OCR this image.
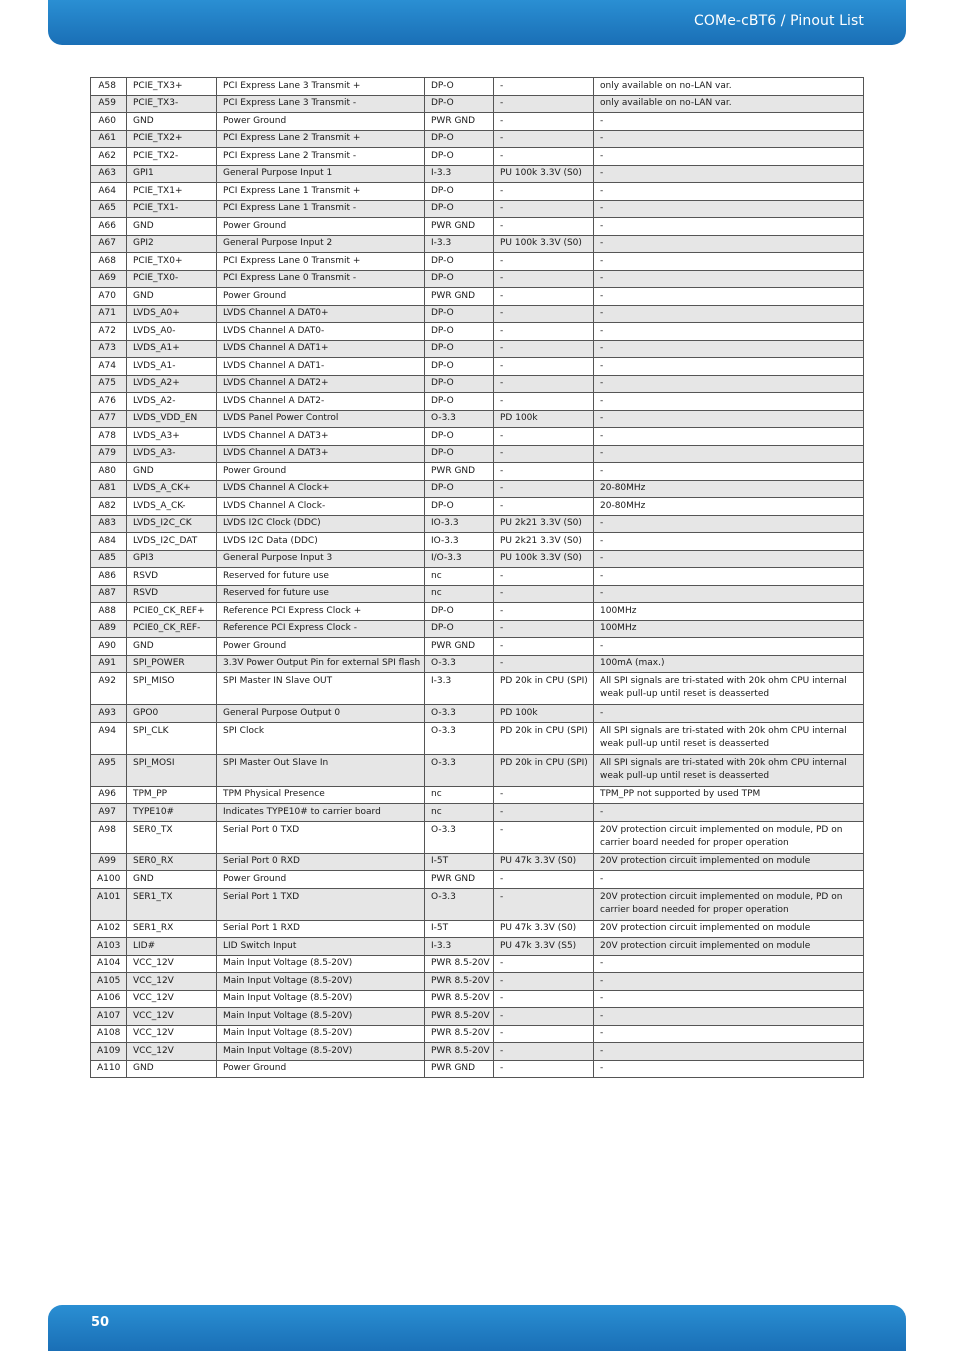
COMe-cBT6 / Pinout List
A58	PCIE_TX3+	PCI Express Lane 3 Transmit +	DP-O	-	only available on no-LAN var.
A59	PCIE_TX3-	PCI Express Lane 3 Transmit -	DP-O	-	only available on no-LAN var.
A60	GND	Power Ground	PWR GND	-	-
A61	PCIE_TX2+	PCI Express Lane 2 Transmit +	DP-O	-	-
A62	PCIE_TX2-	PCI Express Lane 2 Transmit -	DP-O	-	-
A63	GPI1	General Purpose Input 1	I-3.3	PU 100k 3.3V (S0)	-
A64	PCIE_TX1+	PCI Express Lane 1 Transmit +	DP-O	-	-
A65	PCIE_TX1-	PCI Express Lane 1 Transmit -	DP-O	-	-
A66	GND	Power Ground	PWR GND	-	-
A67	GPI2	General Purpose Input 2	I-3.3	PU 100k 3.3V (S0)	-
A68	PCIE_TX0+	PCI Express Lane 0 Transmit +	DP-O	-	-
A69	PCIE_TX0-	PCI Express Lane 0 Transmit -	DP-O	-	-
A70	GND	Power Ground	PWR GND	-	-
A71	LVDS_A0+	LVDS Channel A DAT0+	DP-O	-	-
A72	LVDS_A0-	LVDS Channel A DAT0-	DP-O	-	-
A73	LVDS_A1+	LVDS Channel A DAT1+	DP-O	-	-
A74	LVDS_A1-	LVDS Channel A DAT1-	DP-O	-	-
A75	LVDS_A2+	LVDS Channel A DAT2+	DP-O	-	-
A76	LVDS_A2-	LVDS Channel A DAT2-	DP-O	-	-
A77	LVDS_VDD_EN	LVDS Panel Power Control	O-3.3	PD 100k	-
A78	LVDS_A3+	LVDS Channel A DAT3+	DP-O	-	-
A79	LVDS_A3-	LVDS Channel A DAT3+	DP-O	-	-
A80	GND	Power Ground	PWR GND	-	-
A81	LVDS_A_CK+	LVDS Channel A Clock+	DP-O	-	20-80MHz
A82	LVDS_A_CK-	LVDS Channel A Clock-	DP-O	-	20-80MHz
A83	LVDS_I2C_CK	LVDS I2C Clock (DDC)	IO-3.3	PU 2k21 3.3V (S0)	-
A84	LVDS_I2C_DAT	LVDS I2C Data (DDC)	IO-3.3	PU 2k21 3.3V (S0)	-
A85	GPI3	General Purpose Input 3	I/O-3.3	PU 100k 3.3V (S0)	-
A86	RSVD	Reserved for future use	nc	-	-
A87	RSVD	Reserved for future use	nc	-	-
A88	PCIE0_CK_REF+	Reference PCI Express Clock +	DP-O	-	100MHz
A89	PCIE0_CK_REF-	Reference PCI Express Clock -	DP-O	-	100MHz
A90	GND	Power Ground	PWR GND	-	-
A91	SPI_POWER	3.3V Power Output Pin for external SPI flash	O-3.3	-	100mA (max.)
A92	SPI_MISO	SPI Master IN Slave OUT	I-3.3	PD 20k in CPU (SPI)	All SPI signals are tri-stated with 20k ohm CPU internal weak pull-up until reset is deasserted
A93	GPO0	General Purpose Output 0	O-3.3	PD 100k	-
A94	SPI_CLK	SPI Clock	O-3.3	PD 20k in CPU (SPI)	All SPI signals are tri-stated with 20k ohm CPU internal weak pull-up until reset is deasserted
A95	SPI_MOSI	SPI Master Out Slave In	O-3.3	PD 20k in CPU (SPI)	All SPI signals are tri-stated with 20k ohm CPU internal weak pull-up until reset is deasserted
A96	TPM_PP	TPM Physical Presence	nc	-	TPM_PP not supported by used TPM
A97	TYPE10#	Indicates TYPE10# to carrier board	nc	-	-
A98	SER0_TX	Serial Port 0 TXD	O-3.3	-	20V protection circuit implemented on module, PD on carrier board needed for proper operation
A99	SER0_RX	Serial Port 0 RXD	I-5T	PU 47k 3.3V (S0)	20V protection circuit implemented on module
A100	GND	Power Ground	PWR GND	-	-
A101	SER1_TX	Serial Port 1 TXD	O-3.3	-	20V protection circuit implemented on module, PD on carrier board needed for proper operation
A102	SER1_RX	Serial Port 1 RXD	I-5T	PU 47k 3.3V (S0)	20V protection circuit implemented on module
A103	LID#	LID Switch Input	I-3.3	PU 47k 3.3V (S5)	20V protection circuit implemented on module
A104	VCC_12V	Main Input Voltage (8.5-20V)	PWR 8.5-20V	-	-
A105	VCC_12V	Main Input Voltage (8.5-20V)	PWR 8.5-20V	-	-
A106	VCC_12V	Main Input Voltage (8.5-20V)	PWR 8.5-20V	-	-
A107	VCC_12V	Main Input Voltage (8.5-20V)	PWR 8.5-20V	-	-
A108	VCC_12V	Main Input Voltage (8.5-20V)	PWR 8.5-20V	-	-
A109	VCC_12V	Main Input Voltage (8.5-20V)	PWR 8.5-20V	-	-
A110	GND	Power Ground	PWR GND	-	-
50
